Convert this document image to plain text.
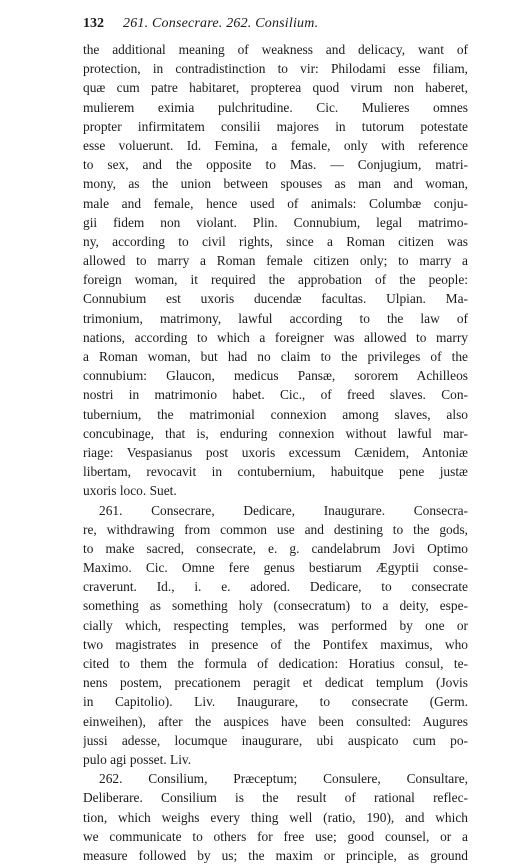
132	261. Consecrare. 262. Consilium.
the additional meaning of weakness and delicacy, want of
protection, in contradistinction to vir: Philodami esse filiam,
quæ cum patre habitaret, propterea quod virum non haberet,
mulierem eximia pulchritudine. Cic. Mulieres omnes
propter infirmitatem consilii majores in tutorum potestate
esse voluerunt. Id. Femina, a female, only with reference
to sex, and the opposite to Mas. — Conjugium, matri-
mony, as the union between spouses as man and woman,
male and female, hence used of animals: Columbæ conju-
gii fidem non violant. Plin. Connubium, legal matrimo-
ny, according to civil rights, since a Roman citizen was
allowed to marry a Roman female citizen only; to marry a
foreign woman, it required the approbation of the people:
Connubium est uxoris ducendæ facultas. Ulpian. Ma-
trimonium, matrimony, lawful according to the law of
nations, according to which a foreigner was allowed to marry
a Roman woman, but had no claim to the privileges of the
connubium: Glaucon, medicus Pansæ, sororem Achilleos
nostri in matrimonio habet. Cic., of freed slaves. Con-
tubernium, the matrimonial connexion among slaves, also
concubinage, that is, enduring connexion without lawful mar-
riage: Vespasianus post uxoris excessum Cænidem, Antoniæ
libertam, revocavit in contubernium, habuitque pene justæ
uxoris loco. Suet.
261. Consecrare, Dedicare, Inaugurare. Consecra-
re, withdrawing from common use and destining to the gods,
to make sacred, consecrate, e. g. candelabrum Jovi Optimo
Maximo. Cic. Omne fere genus bestiarum Ægyptii conse-
craverunt. Id., i. e. adored. Dedicare, to consecrate
something as something holy (consecratum) to a deity, espe-
cially which, respecting temples, was performed by one or
two magistrates in presence of the Pontifex maximus, who
cited to them the formula of dedication: Horatius consul, te-
nens postem, precationem peragit et dedicat templum (Jovis
in Capitolio). Liv. Inaugurare, to consecrate (Germ.
einweihen), after the auspices have been consulted: Augures
jussi adesse, locumque inaugurare, ubi auspicato cum po-
pulo agi posset. Liv.
262. Consilium, Præceptum; Consulere, Consultare,
Deliberare. Consilium is the result of rational reflec-
tion, which weighs every thing well (ratio, 190), and which
we communicate to others for free use; good counsel, or a
measure followed by us; the maxim or principle, as ground
